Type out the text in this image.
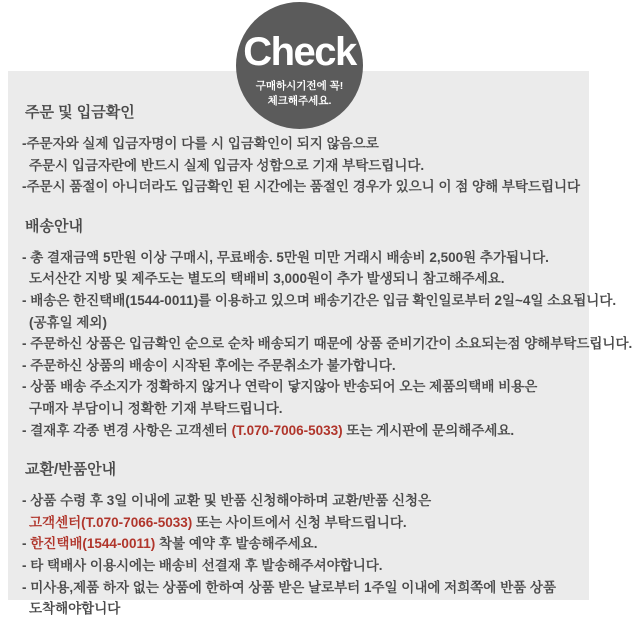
Check
구매하시기전에 꼭!
체크해주세요.
주문 및 입금확인

-주문자와 실제 입금자명이 다를 시 입금확인이 되지 않음으로

주문시 입금자란에 반드시 실제 입금자 성함으로 기재 부탁드립니다.

-주문시 품절이 아니더라도 입금확인 된 시간에는 품절인 경우가 있으니 이 점 양해 부탁드립니다

배송안내

- 총 결재금액 5만원 이상 구매시, 무료배송. 5만원 미만 거래시 배송비 2,500원 추가됩니다.

도서산간 지방 및 제주도는 별도의 택배비 3,000원이 추가 발생되니 참고해주세요.

- 배송은 한진택배(1544-0011)를 이용하고 있으며 배송기간은 입금 확인일로부터 2일~4일 소요됩니다.

(공휴일 제외)

- 주문하신 상품은 입금확인 순으로 순차 배송되기 때문에 상품 준비기간이 소요되는점 양해부탁드립니다.

- 주문하신 상품의 배송이 시작된 후에는 주문취소가 불가합니다.

- 상품 배송 주소지가 정확하지 않거나 연락이 닿지않아 반송되어 오는 제품의택배 비용은

구매자 부담이니 정확한 기재 부탁드립니다.

- 결재후 각종 변경 사항은 고객센터 (T.070-7006-5033) 또는 게시판에 문의해주세요.

교환/반품안내

- 상품 수령 후 3일 이내에 교환 및 반품 신청해야하며 교환/반품 신청은

고객센터(T.070-7066-5033) 또는 사이트에서 신청 부탁드립니다.

- 한진택배(1544-0011) 착불 예약 후 발송해주세요.

- 타 택배사 이용시에는 배송비 선결재 후 발송해주셔야합니다.

- 미사용,제품 하자 없는 상품에 한하여 상품 받은 날로부터 1주일 이내에 저희쪽에 반품 상품

도착해야합니다
